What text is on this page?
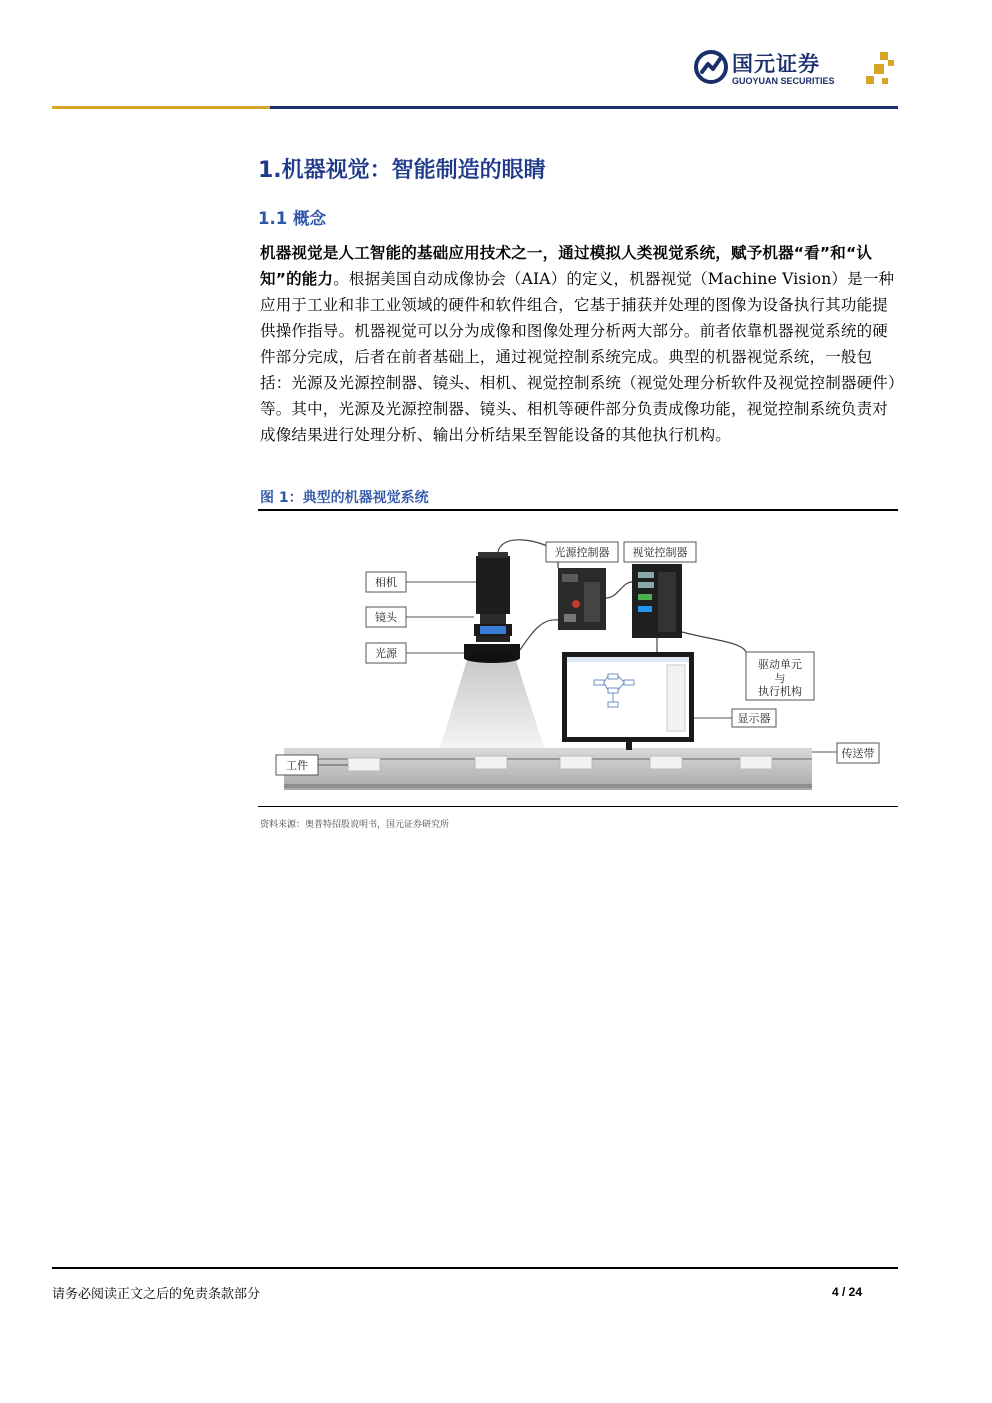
国元证券
GUOYUAN SECURITIES
1.机器视觉：智能制造的眼睛
1.1 概念
机器视觉是人工智能的基础应用技术之一，通过模拟人类视觉系统，赋予机器“看”和“认知”的能力。根据美国自动成像协会（AIA）的定义，机器视觉（Machine Vision）是一种应用于工业和非工业领域的硬件和软件组合，它基于捕获并处理的图像为设备执行其功能提供操作指导。机器视觉可以分为成像和图像处理分析两大部分。前者依靠机器视觉系统的硬件部分完成，后者在前者基础上，通过视觉控制系统完成。典型的机器视觉系统，一般包括：光源及光源控制器、镜头、相机、视觉控制系统（视觉处理分析软件及视觉控制器硬件）等。其中，光源及光源控制器、镜头、相机等硬件部分负责成像功能，视觉控制系统负责对成像结果进行处理分析、输出分析结果至智能设备的其他执行机构。
图 1：典型的机器视觉系统
相机
镜头
光源
光源控制器 视觉控制器
驱动单元
与
执行机构
显示器
工件
传送带
资料来源：奥普特招股说明书，国元证券研究所
请务必阅读正文之后的免责条款部分	4 / 24
